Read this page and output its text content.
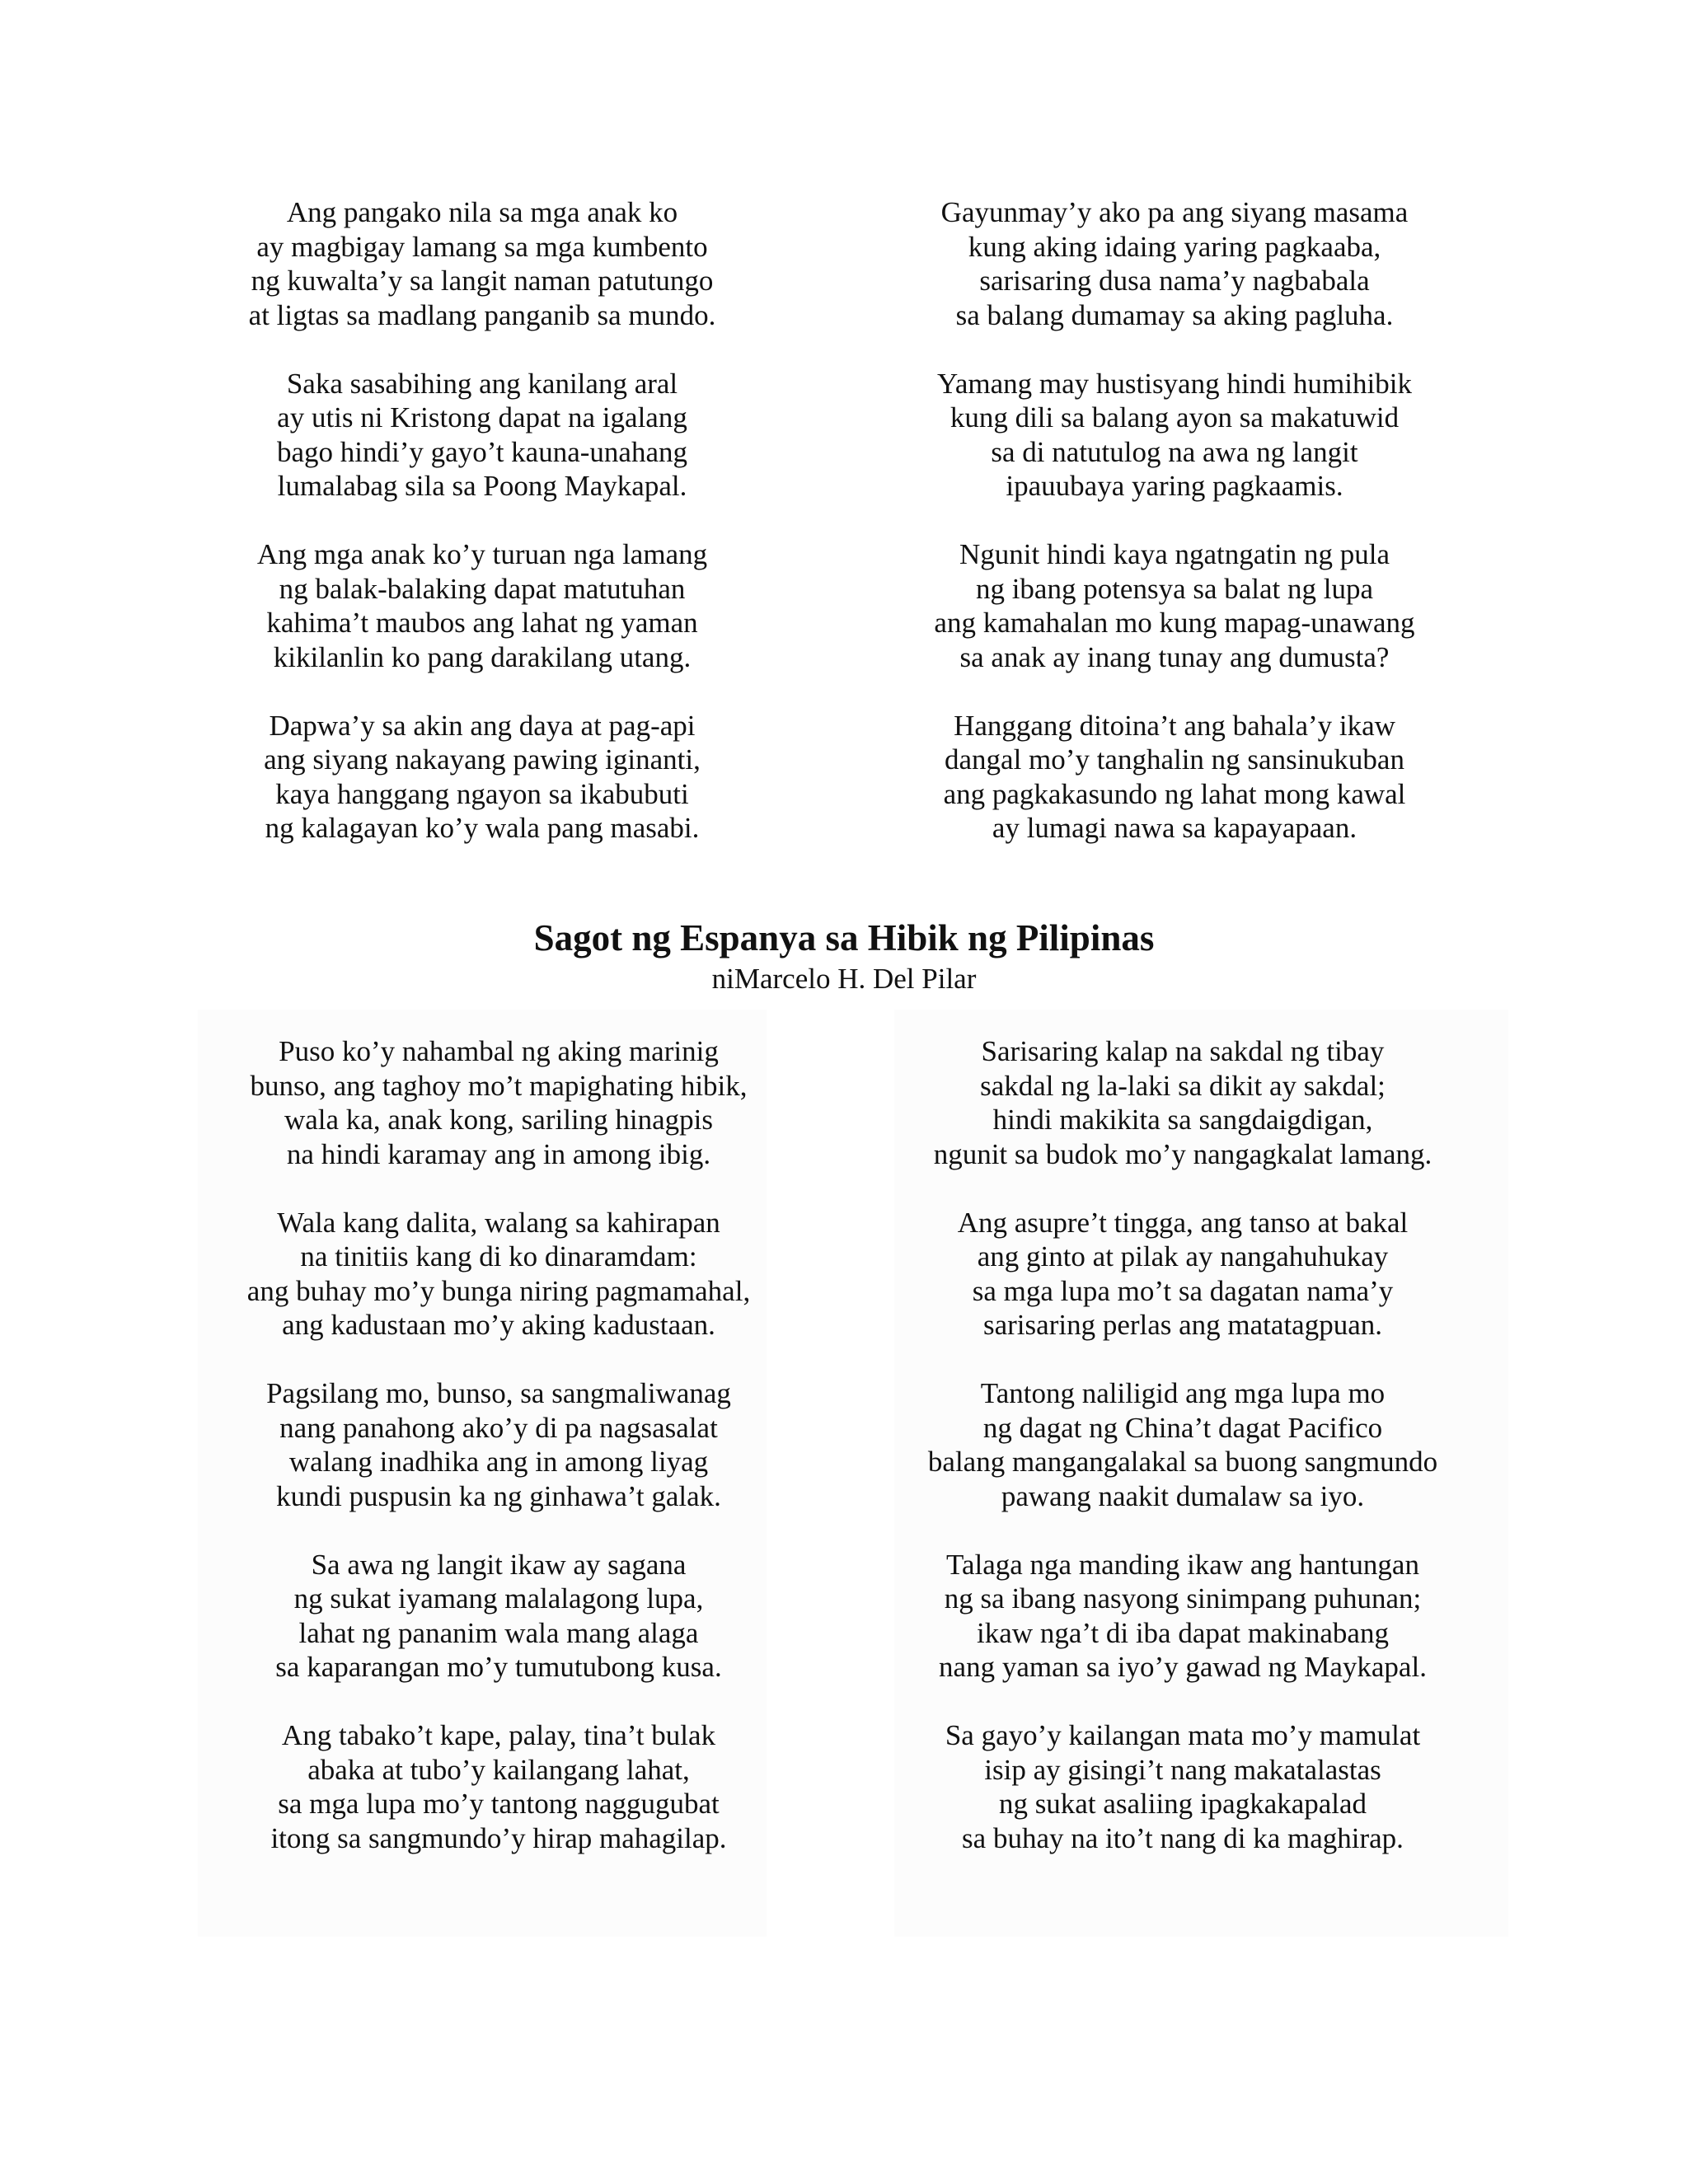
Ang pangako nila sa mga anak ko
ay magbigay lamang sa mga kumbento
ng kuwalta’y sa langit naman patutungo
at ligtas sa madlang panganib sa mundo.
Saka sasabihing ang kanilang aral
ay utis ni Kristong dapat na igalang
bago hindi’y gayo’t kauna-unahang
lumalabag sila sa Poong Maykapal.
Ang mga anak ko’y turuan nga lamang
ng balak-balaking dapat matutuhan
kahima’t maubos ang lahat ng yaman
kikilanlin ko pang darakilang utang.
Dapwa’y sa akin ang daya at pag-api
ang siyang nakayang pawing iginanti,
kaya hanggang ngayon sa ikabubuti
ng kalagayan ko’y wala pang masabi.
Gayunmay’y ako pa ang siyang masama
kung aking idaing yaring pagkaaba,
sarisaring dusa nama’y nagbabala
sa balang dumamay sa aking pagluha.
Yamang may hustisyang hindi humihibik
kung dili sa balang ayon sa makatuwid
sa di natutulog na awa ng langit
ipauubaya yaring pagkaamis.
Ngunit hindi kaya ngatngatin ng pula
ng ibang potensya sa balat ng lupa
ang kamahalan mo kung mapag-unawang
sa anak ay inang tunay ang dumusta?
Hanggang ditoina’t ang bahala’y ikaw
dangal mo’y tanghalin ng sansinukuban
ang pagkakasundo ng lahat mong kawal
ay lumagi nawa sa kapayapaan.
Sagot ng Espanya sa Hibik ng Pilipinas
niMarcelo H. Del Pilar
Puso ko’y nahambal ng aking marinig
bunso, ang taghoy mo’t mapighating hibik,
wala ka, anak kong, sariling hinagpis
na hindi karamay ang in among ibig.
Wala kang dalita, walang sa kahirapan
na tinitiis kang di ko dinaramdam:
ang buhay mo’y bunga niring pagmamahal,
ang kadustaan mo’y aking kadustaan.
Pagsilang mo, bunso, sa sangmaliwanag
nang panahong ako’y di pa nagsasalat
walang inadhika ang in among liyag
kundi puspusin ka ng ginhawa’t galak.
Sa awa ng langit ikaw ay sagana
ng sukat iyamang malalagong lupa,
lahat ng pananim wala mang alaga
sa kaparangan mo’y tumutubong kusa.
Ang tabako’t kape, palay, tina’t bulak
abaka at tubo’y kailangang lahat,
sa mga lupa mo’y tantong naggugubat
itong sa sangmundo’y hirap mahagilap.
Sarisaring kalap na sakdal ng tibay
sakdal ng la-laki sa dikit ay sakdal;
hindi makikita sa sangdaigdigan,
ngunit sa budok mo’y nangagkalat lamang.
Ang asupre’t tingga, ang tanso at bakal
ang ginto at pilak ay nangahuhukay
sa mga lupa mo’t sa dagatan nama’y
sarisaring perlas ang matatagpuan.
Tantong naliligid ang mga lupa mo
ng dagat ng China’t dagat Pacifico
balang mangangalakal sa buong sangmundo
pawang naakit dumalaw sa iyo.
Talaga nga manding ikaw ang hantungan
ng sa ibang nasyong sinimpang puhunan;
ikaw nga’t di iba dapat makinabang
nang yaman sa iyo’y gawad ng Maykapal.
Sa gayo’y kailangan mata mo’y mamulat
isip ay gisingi’t nang makatalastas
ng sukat asaliing ipagkakapalad
sa buhay na ito’t nang di ka maghirap.
